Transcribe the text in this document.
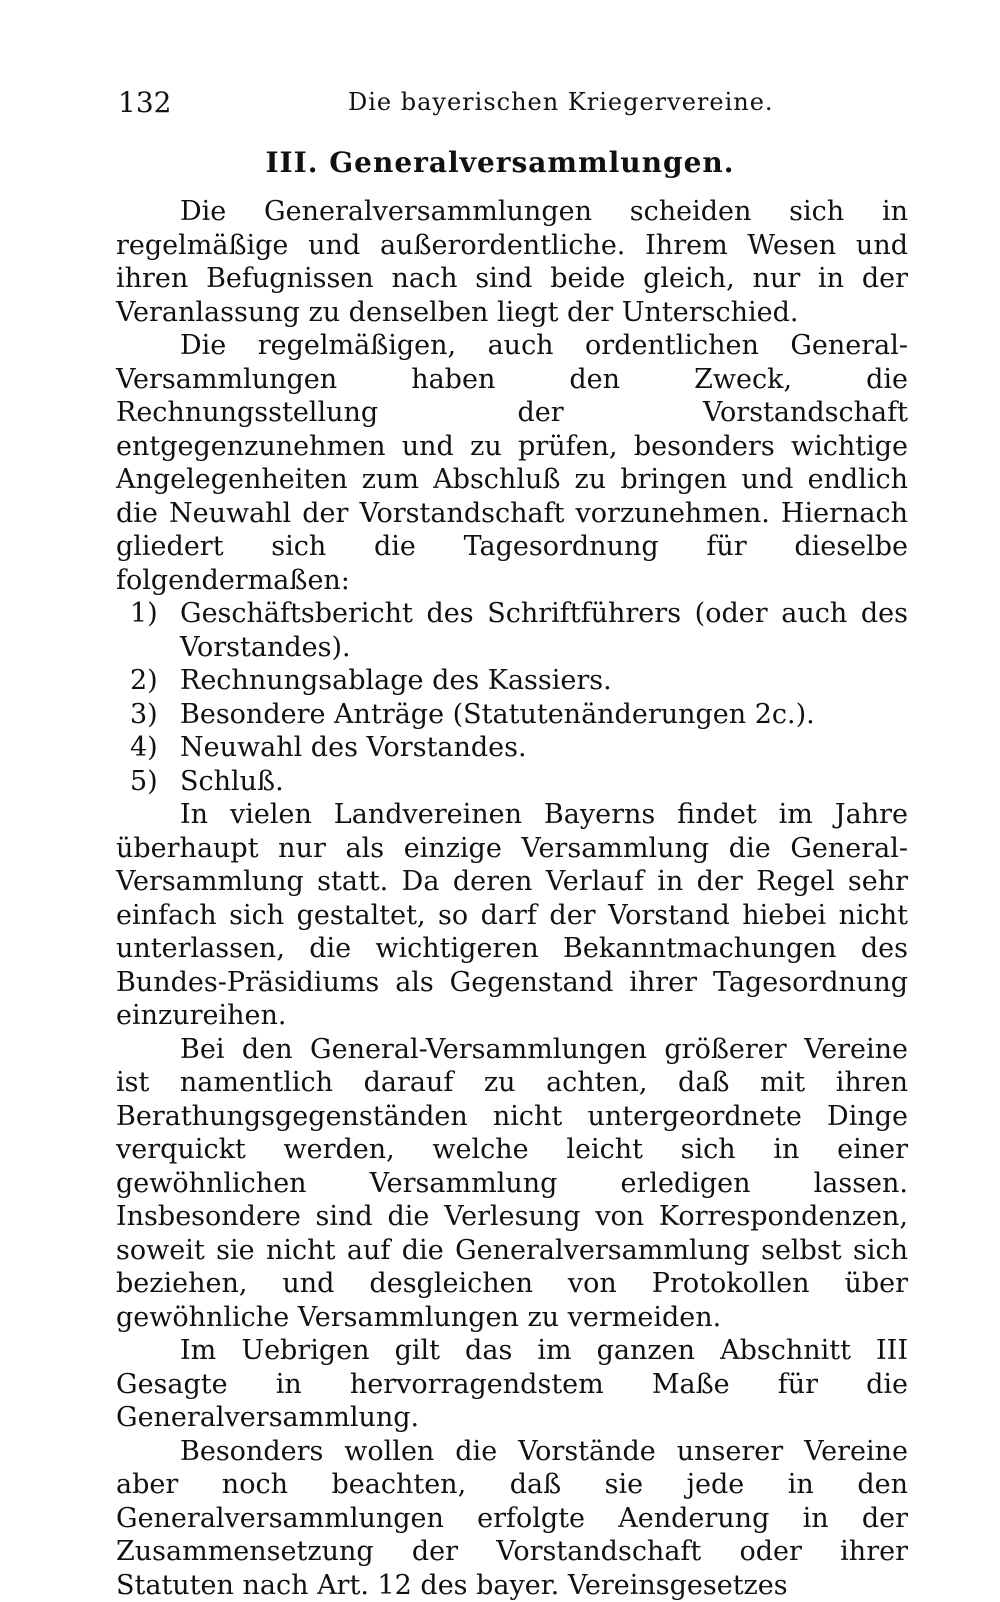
132	Die bayerischen Kriegervereine.
III. Generalversammlungen.

Die Generalversammlungen scheiden sich in regelmäßige und außerordentliche. Ihrem Wesen und ihren Befugnissen nach sind beide gleich, nur in der Veranlassung zu denselben liegt der Unterschied.

Die regelmäßigen, auch ordentlichen General-Versammlungen haben den Zweck, die Rechnungsstellung der Vorstandschaft entgegenzunehmen und zu prüfen, besonders wichtige Angelegenheiten zum Abschluß zu bringen und endlich die Neuwahl der Vorstandschaft vorzunehmen. Hiernach gliedert sich die Tagesordnung für dieselbe folgendermaßen:

1) Geschäftsbericht des Schriftführers (oder auch des Vorstandes).
2) Rechnungsablage des Kassiers.
3) Besondere Anträge (Statutenänderungen 2c.).
4) Neuwahl des Vorstandes.
5) Schluß.

In vielen Landvereinen Bayerns findet im Jahre überhaupt nur als einzige Versammlung die General-Versammlung statt. Da deren Verlauf in der Regel sehr einfach sich gestaltet, so darf der Vorstand hiebei nicht unterlassen, die wichtigeren Bekanntmachungen des Bundes-Präsidiums als Gegenstand ihrer Tagesordnung einzureihen.

Bei den General-Versammlungen größerer Vereine ist namentlich darauf zu achten, daß mit ihren Berathungsgegenständen nicht untergeordnete Dinge verquickt werden, welche leicht sich in einer gewöhnlichen Versammlung erledigen lassen. Insbesondere sind die Verlesung von Korrespondenzen, soweit sie nicht auf die Generalversammlung selbst sich beziehen, und desgleichen von Protokollen über gewöhnliche Versammlungen zu vermeiden.

Im Uebrigen gilt das im ganzen Abschnitt III Gesagte in hervorragendstem Maße für die Generalversammlung.

Besonders wollen die Vorstände unserer Vereine aber noch beachten, daß sie jede in den Generalversammlungen erfolgte Aenderung in der Zusammensetzung der Vorstandschaft oder ihrer Statuten nach Art. 12 des bayer. Vereinsgesetzes
